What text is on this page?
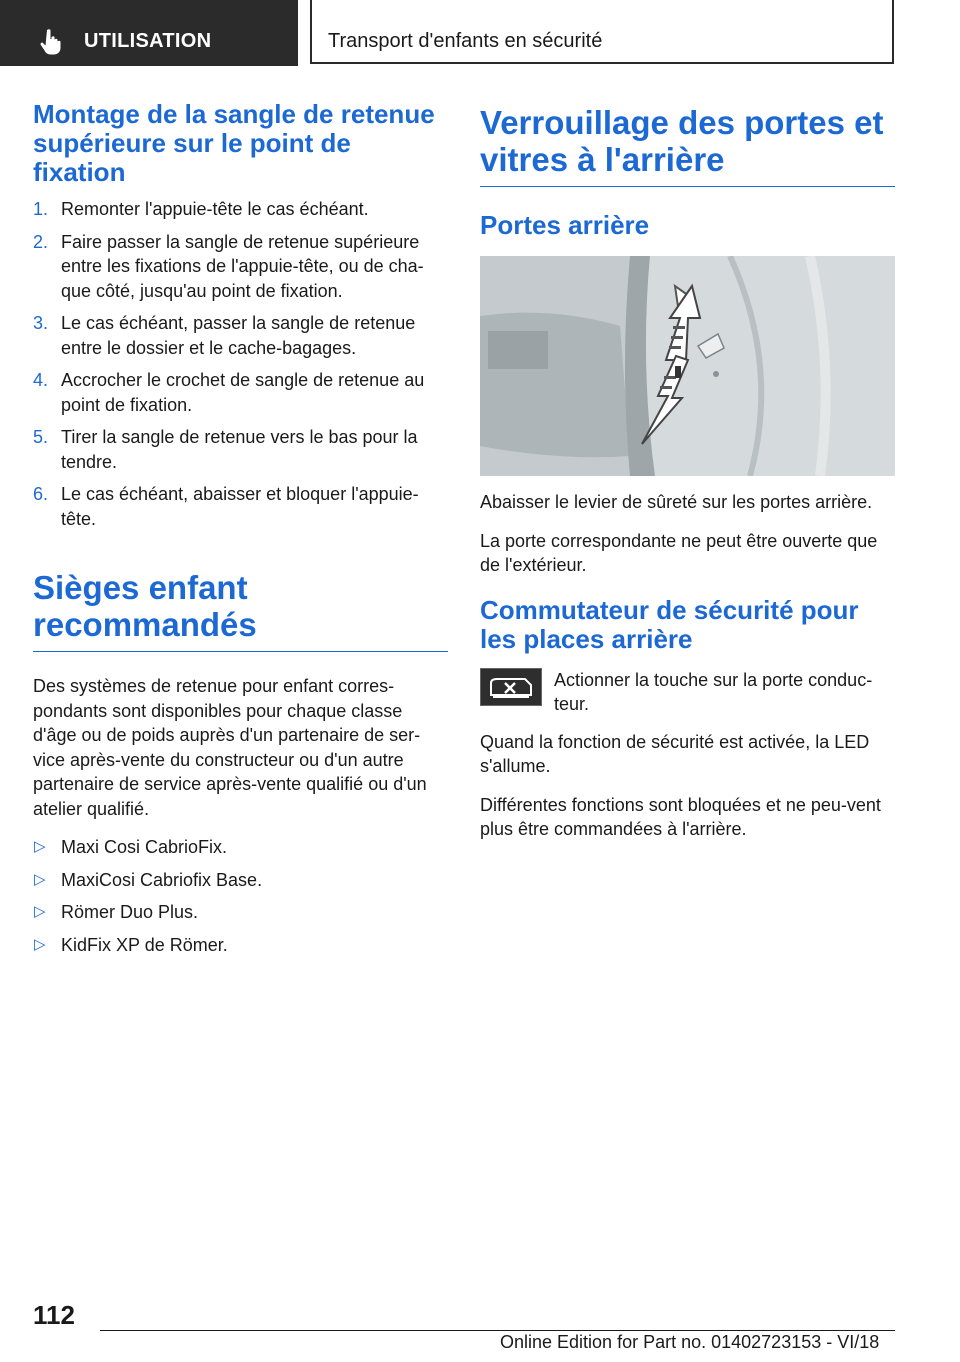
UTILISATION	Transport d'enfants en sécurité
Montage de la sangle de retenue supérieure sur le point de fixation
1. Remonter l'appuie-tête le cas échéant.
2. Faire passer la sangle de retenue supérieure entre les fixations de l'appuie-tête, ou de cha‐que côté, jusqu'au point de fixation.
3. Le cas échéant, passer la sangle de retenue entre le dossier et le cache-bagages.
4. Accrocher le crochet de sangle de retenue au point de fixation.
5. Tirer la sangle de retenue vers le bas pour la tendre.
6. Le cas échéant, abaisser et bloquer l'appuie-tête.
Sièges enfant recommandés

Des systèmes de retenue pour enfant corres‐pondants sont disponibles pour chaque classe d'âge ou de poids auprès d'un partenaire de ser‐vice après-vente du constructeur ou d'un autre partenaire de service après-vente qualifié ou d'un atelier qualifié.

▷ Maxi Cosi CabrioFix.
▷ MaxiCosi Cabriofix Base.
▷ Römer Duo Plus.
▷ KidFix XP de Römer.
Verrouillage des portes et vitres à l'arrière
Portes arrière

Abaisser le levier de sûreté sur les portes arrière.

La porte correspondante ne peut être ouverte que de l'extérieur.

Commutateur de sécurité pour les places arrière
Actionner la touche sur la porte conduc‐teur.

Quand la fonction de sécurité est activée, la LED s'allume.

Différentes fonctions sont bloquées et ne peu‐vent plus être commandées à l'arrière.

112
Online Edition for Part no. 01402723153 - VI/18
